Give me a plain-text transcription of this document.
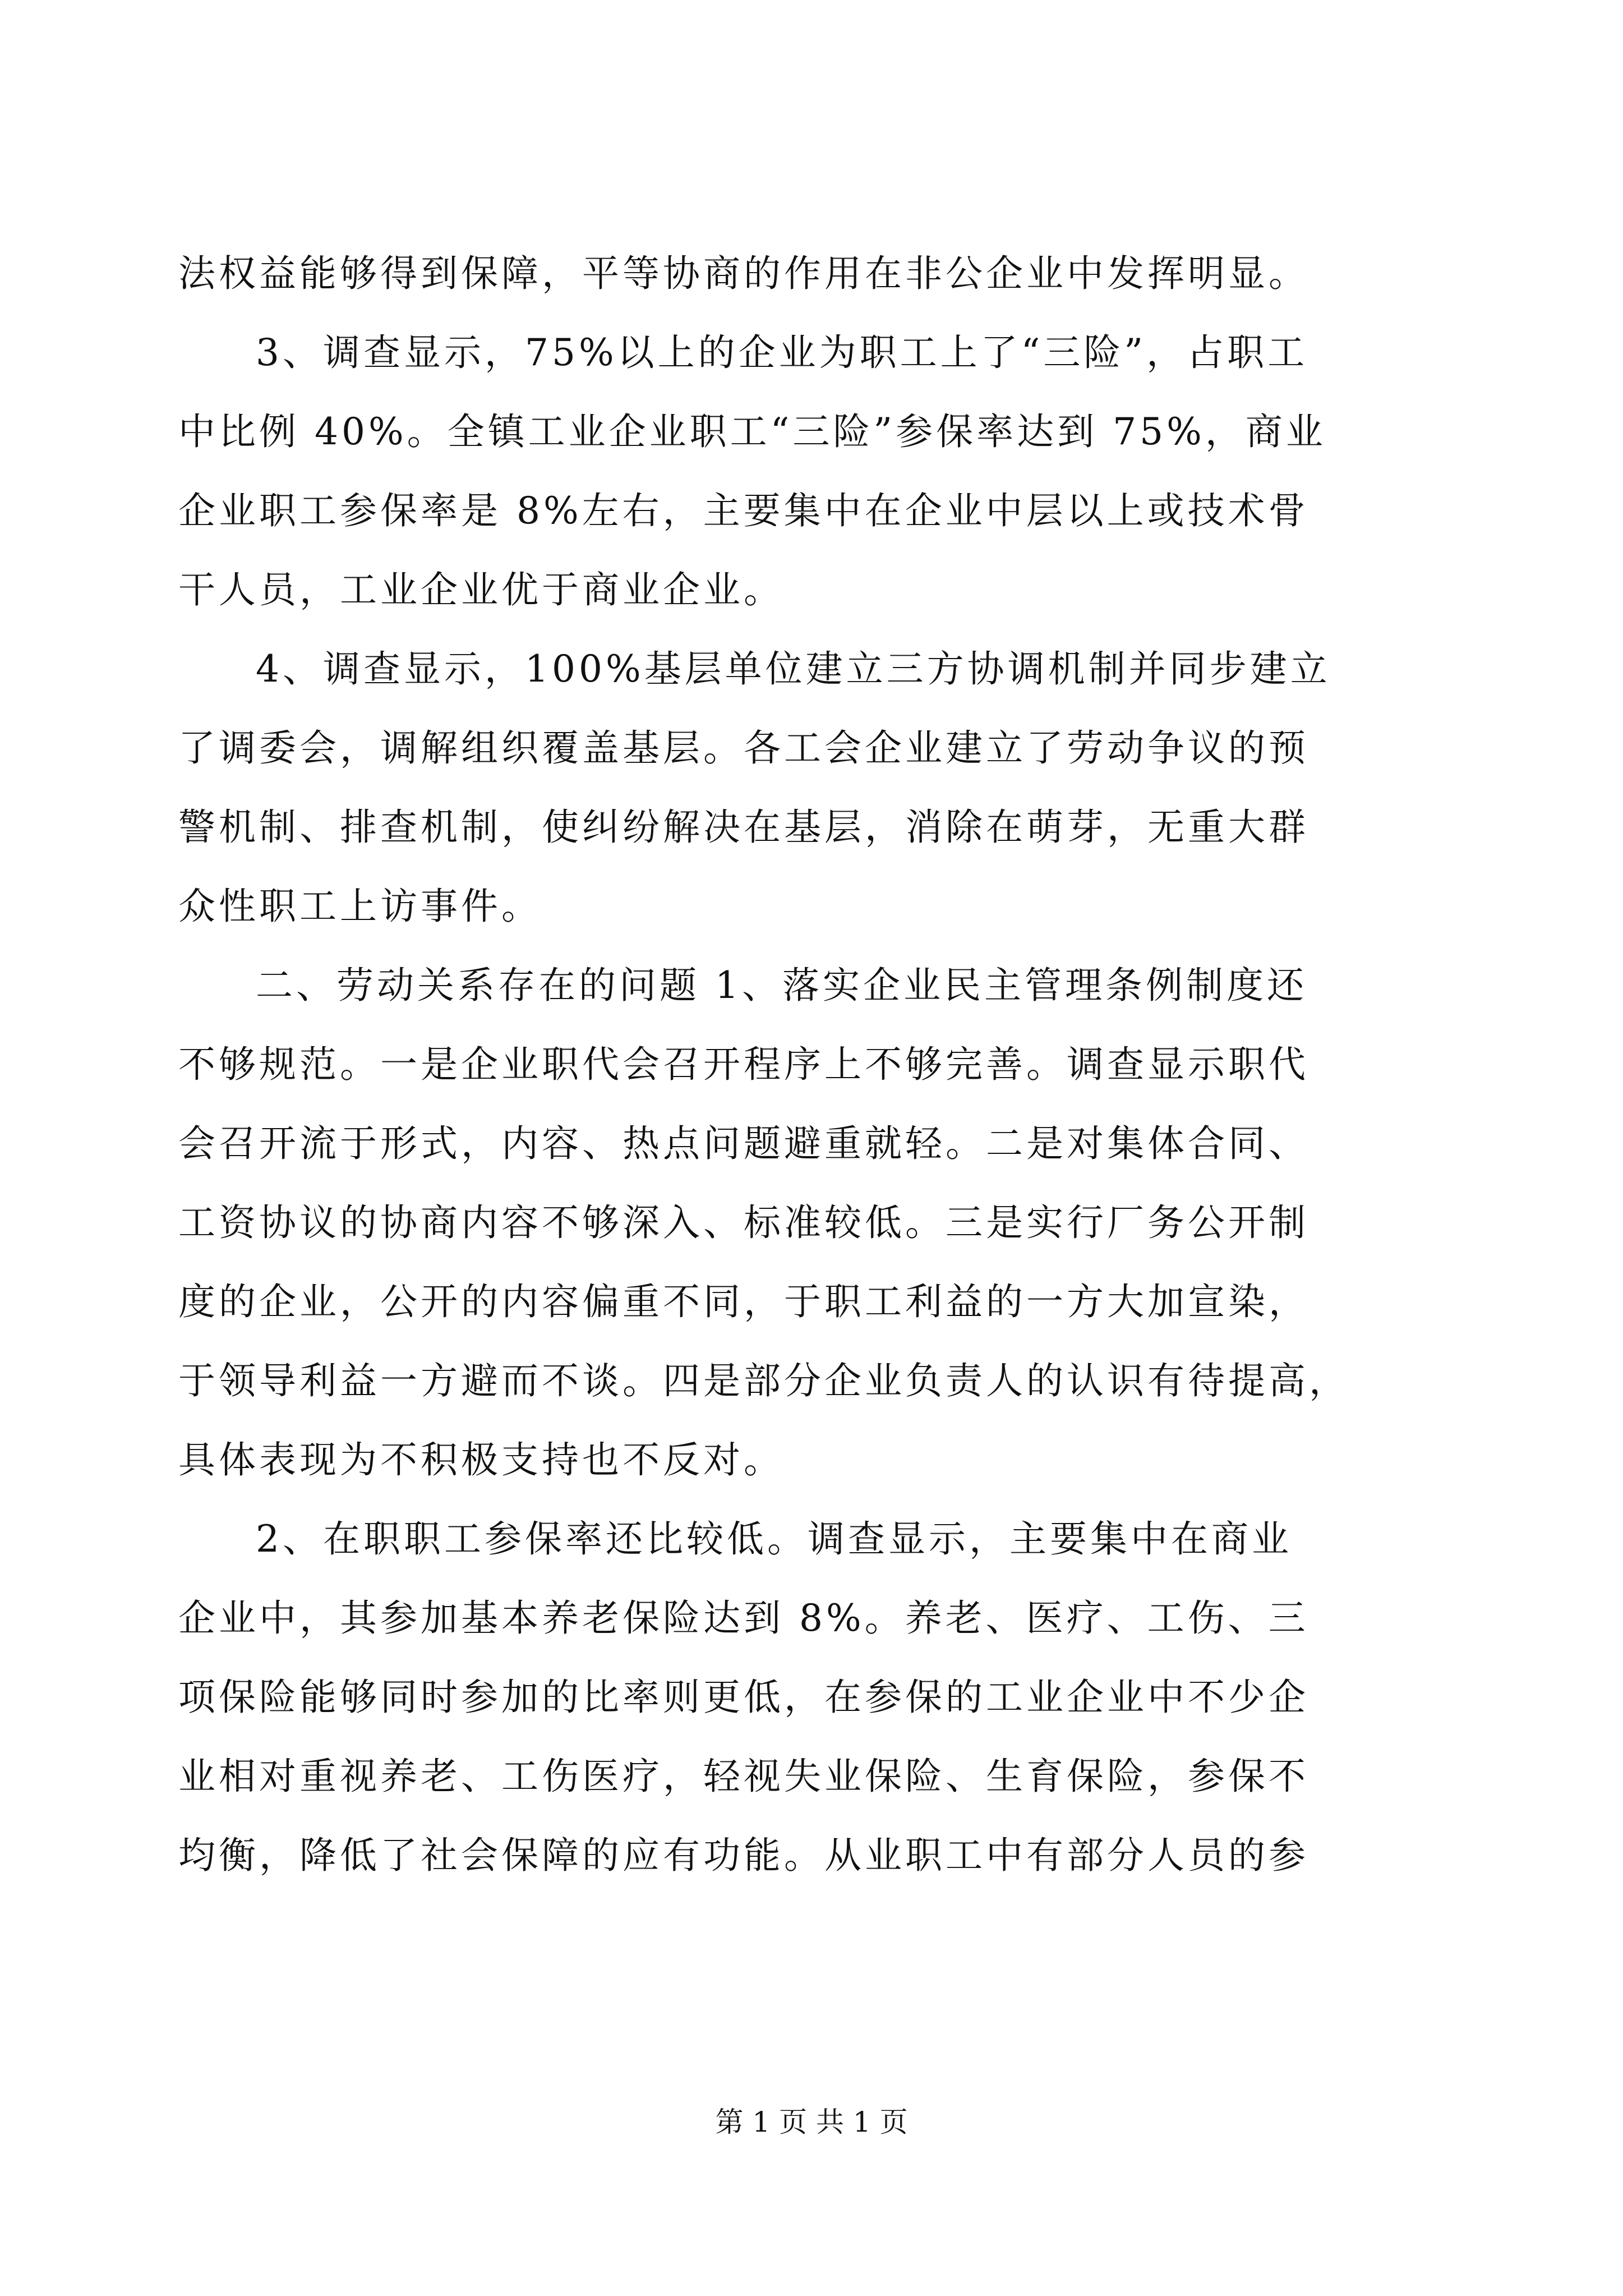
法权益能够得到保障，平等协商的作用在非公企业中发挥明显。
3、调查显示，75%以上的企业为职工上了“三险”，占职工
中比例 40%。全镇工业企业职工“三险”参保率达到 75%，商业
企业职工参保率是 8%左右，主要集中在企业中层以上或技术骨
干人员，工业企业优于商业企业。
4、调查显示，100%基层单位建立三方协调机制并同步建立
了调委会，调解组织覆盖基层。各工会企业建立了劳动争议的预
警机制、排查机制，使纠纷解决在基层，消除在萌芽，无重大群
众性职工上访事件。
二、劳动关系存在的问题 1、落实企业民主管理条例制度还
不够规范。一是企业职代会召开程序上不够完善。调查显示职代
会召开流于形式，内容、热点问题避重就轻。二是对集体合同、
工资协议的协商内容不够深入、标准较低。三是实行厂务公开制
度的企业，公开的内容偏重不同，于职工利益的一方大加宣染，
于领导利益一方避而不谈。四是部分企业负责人的认识有待提高，
具体表现为不积极支持也不反对。
2、在职职工参保率还比较低。调查显示，主要集中在商业
企业中，其参加基本养老保险达到 8%。养老、医疗、工伤、三
项保险能够同时参加的比率则更低，在参保的工业企业中不少企
业相对重视养老、工伤医疗，轻视失业保险、生育保险，参保不
均衡，降低了社会保障的应有功能。从业职工中有部分人员的参
第 1 页 共 1 页
